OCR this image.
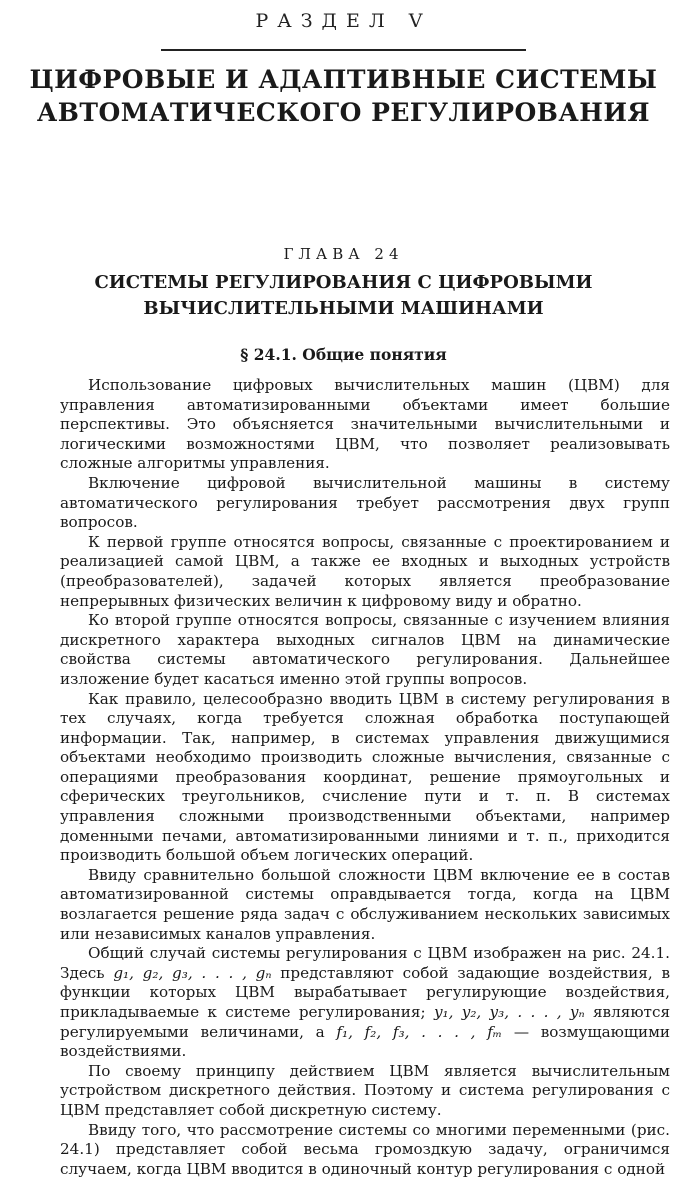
РАЗДЕЛ V
ЦИФРОВЫЕ И АДАПТИВНЫЕ СИСТЕМЫ
АВТОМАТИЧЕСКОГО РЕГУЛИРОВАНИЯ
ГЛАВА 24
СИСТЕМЫ РЕГУЛИРОВАНИЯ С ЦИФРОВЫМИ
ВЫЧИСЛИТЕЛЬНЫМИ МАШИНАМИ
§ 24.1. Общие понятия

Использование цифровых вычислительных машин (ЦВМ) для управления автоматизированными объектами имеет большие перспективы. Это объясняется значительными вычислительными и логическими возможностями ЦВМ, что позволяет реализовывать сложные алгоритмы управления.

Включение цифровой вычислительной машины в систему автоматического регулирования требует рассмотрения двух групп вопросов.

К первой группе относятся вопросы, связанные с проектированием и реализацией самой ЦВМ, а также ее входных и выходных устройств (преобразователей), задачей которых является преобразование непрерывных физических величин к цифровому виду и обратно.

Ко второй группе относятся вопросы, связанные с изучением влияния дискретного характера выходных сигналов ЦВМ на динамические свойства системы автоматического регулирования. Дальнейшее изложение будет касаться именно этой группы вопросов.

Как правило, целесообразно вводить ЦВМ в систему регулирования в тех случаях, когда требуется сложная обработка поступающей информации. Так, например, в системах управления движущимися объектами необходимо производить сложные вычисления, связанные с операциями преобразования координат, решение прямоугольных и сферических треугольников, счисление пути и т. п. В системах управления сложными производственными объектами, например доменными печами, автоматизированными линиями и т. п., приходится производить большой объем логических операций.

Ввиду сравнительно большой сложности ЦВМ включение ее в состав автоматизированной системы оправдывается тогда, когда на ЦВМ возлагается решение ряда задач с обслуживанием нескольких зависимых или независимых каналов управления.

Общий случай системы регулирования с ЦВМ изображен на рис. 24.1. Здесь g₁, g₂, g₃, . . . , gₙ представляют собой задающие воздействия, в функции которых ЦВМ вырабатывает регулирующие воздействия, прикладываемые к системе регулирования; y₁, y₂, y₃, . . . , yₙ являются регулируемыми величинами, а f₁, f₂, f₃, . . . , fₘ — возмущающими воздействиями.

По своему принципу действием ЦВМ является вычислительным устройством дискретного действия. Поэтому и система регулирования с ЦВМ представляет собой дискретную систему.

Ввиду того, что рассмотрение системы со многими переменными (рис. 24.1) представляет собой весьма громоздкую задачу, ограничимся случаем, когда ЦВМ вводится в одиночный контур регулирования с одной
